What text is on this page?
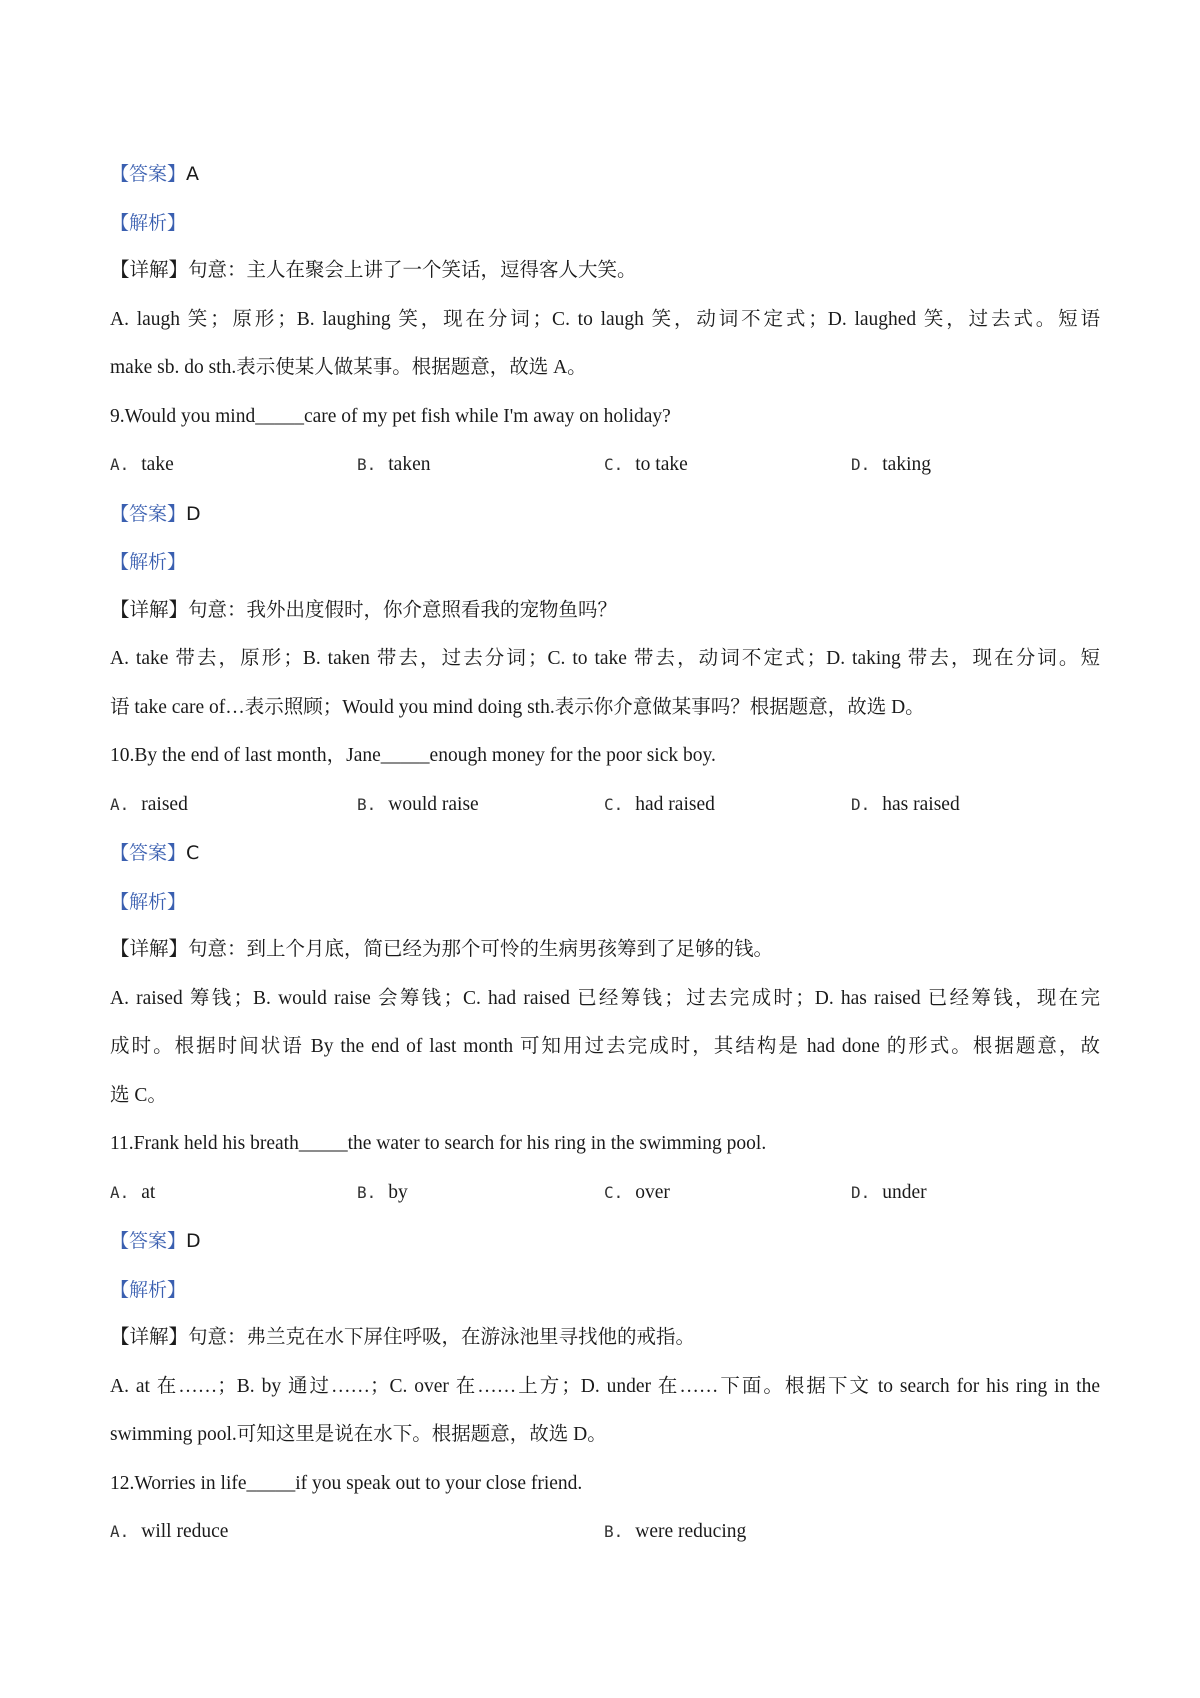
【答案】A
【解析】
【详解】句意：主人在聚会上讲了一个笑话，逗得客人大笑。
A. laugh 笑；原形；B. laughing 笑，现在分词；C. to laugh 笑，动词不定式；D. laughed 笑，过去式。短语
make sb. do sth.表示使某人做某事。根据题意，故选 A。
9.Would you mind_____care of my pet fish while I'm away on holiday?
A. take	B. taken	C. to take	D. taking
【答案】D
【解析】
【详解】句意：我外出度假时，你介意照看我的宠物鱼吗？
A. take 带去，原形；B. taken 带去，过去分词；C. to take 带去，动词不定式；D. taking 带去，现在分词。短
语 take care of…表示照顾；Would you mind doing sth.表示你介意做某事吗？根据题意，故选 D。
10.By the end of last month，Jane_____enough money for the poor sick boy.
A. raised	B. would raise	C. had raised	D. has raised
【答案】C
【解析】
【详解】句意：到上个月底，简已经为那个可怜的生病男孩筹到了足够的钱。
A. raised 筹钱；B. would raise 会筹钱；C. had raised 已经筹钱；过去完成时；D. has raised 已经筹钱，现在完
成时。根据时间状语 By the end of last month 可知用过去完成时，其结构是 had done 的形式。根据题意，故
选 C。
11.Frank held his breath_____the water to search for his ring in the swimming pool.
A. at	B. by	C. over	D. under
【答案】D
【解析】
【详解】句意：弗兰克在水下屏住呼吸，在游泳池里寻找他的戒指。
A. at 在……；B. by 通过……；C. over 在……上方；D. under 在……下面。根据下文 to search for his ring in the
swimming pool.可知这里是说在水下。根据题意，故选 D。
12.Worries in life_____if you speak out to your close friend.
A. will reduce	B. were reducing
